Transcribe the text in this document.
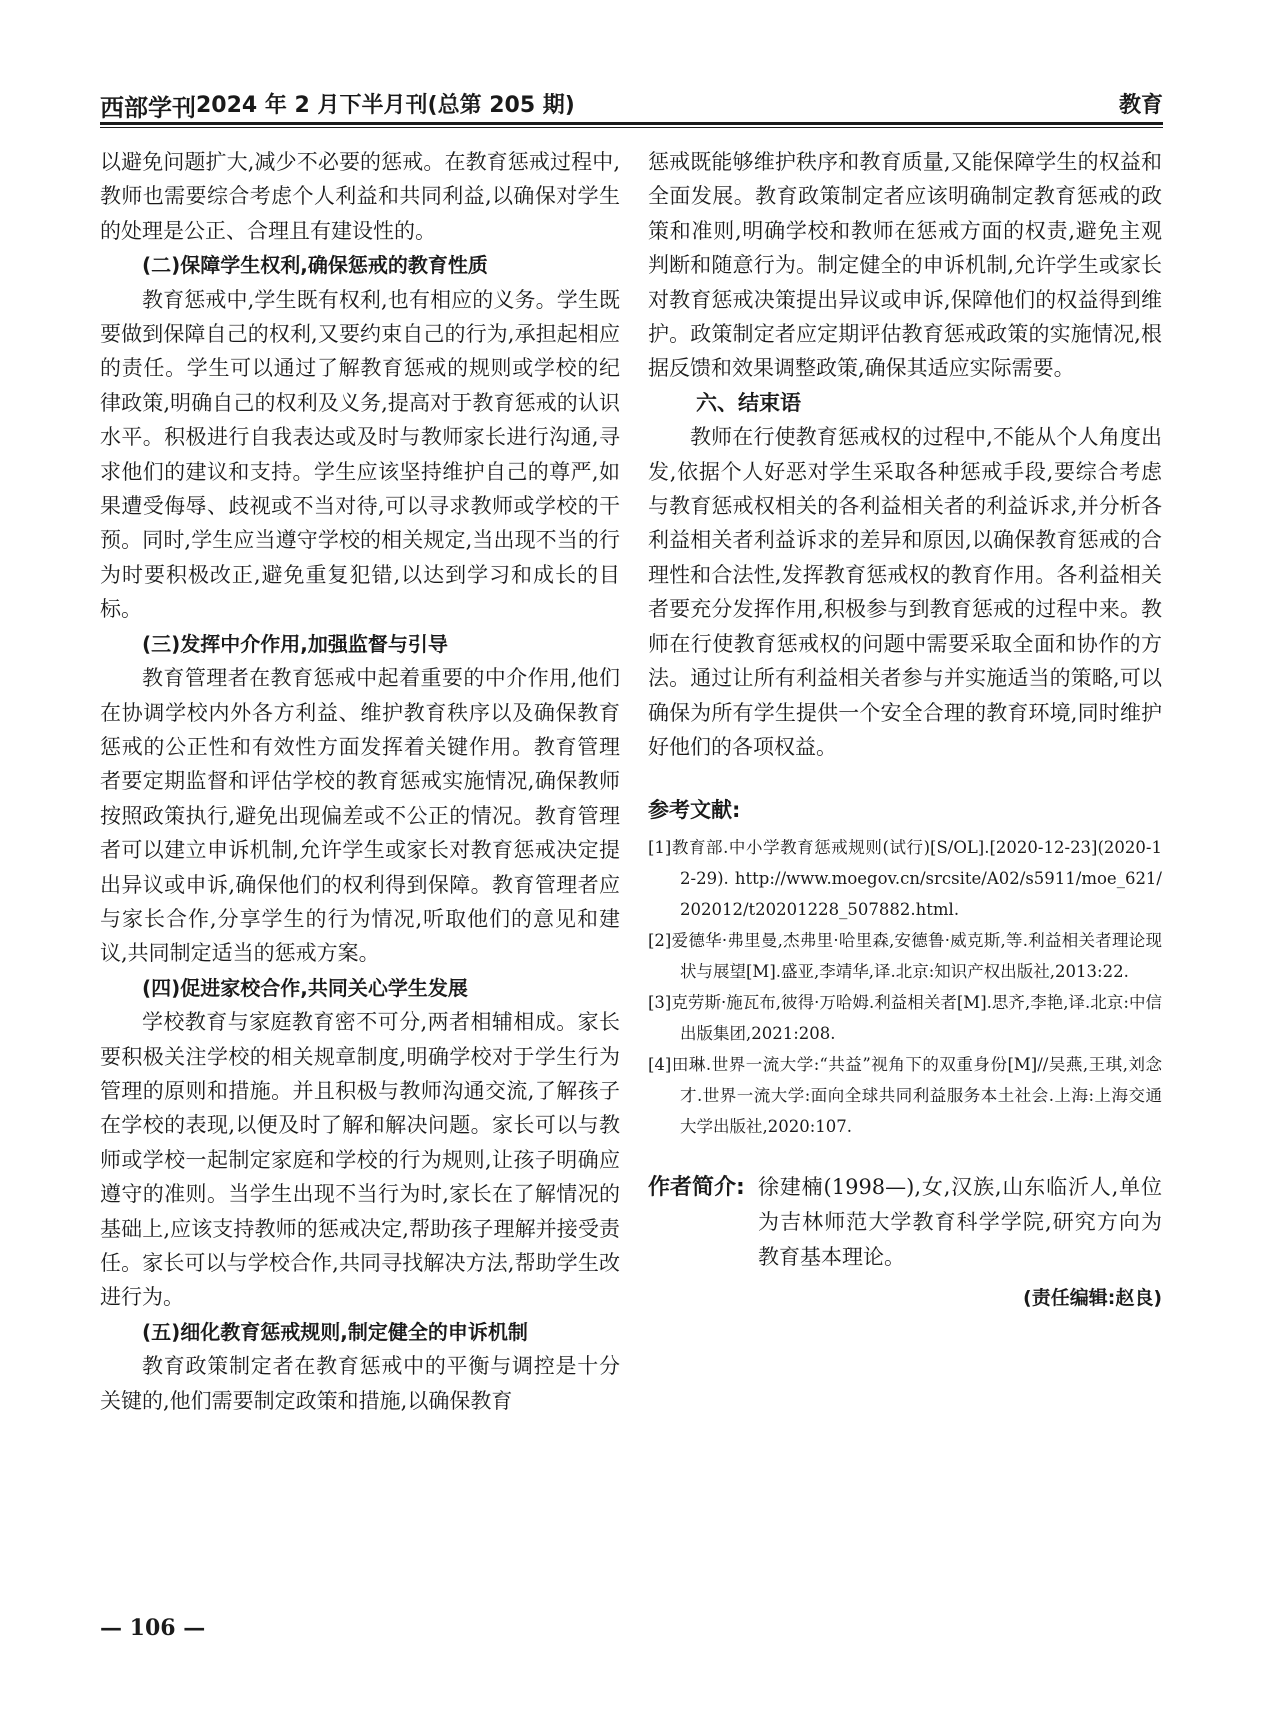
西部学刊 2024 年 2 月下半月刊(总第 205 期)	教育

以避免问题扩大,减少不必要的惩戒。在教育惩戒过程中,教师也需要综合考虑个人利益和共同利益,以确保对学生的处理是公正、合理且有建设性的。

(二)保障学生权利,确保惩戒的教育性质

教育惩戒中,学生既有权利,也有相应的义务。学生既要做到保障自己的权利,又要约束自己的行为,承担起相应的责任。学生可以通过了解教育惩戒的规则或学校的纪律政策,明确自己的权利及义务,提高对于教育惩戒的认识水平。积极进行自我表达或及时与教师家长进行沟通,寻求他们的建议和支持。学生应该坚持维护自己的尊严,如果遭受侮辱、歧视或不当对待,可以寻求教师或学校的干预。同时,学生应当遵守学校的相关规定,当出现不当的行为时要积极改正,避免重复犯错,以达到学习和成长的目标。

(三)发挥中介作用,加强监督与引导

教育管理者在教育惩戒中起着重要的中介作用,他们在协调学校内外各方利益、维护教育秩序以及确保教育惩戒的公正性和有效性方面发挥着关键作用。教育管理者要定期监督和评估学校的教育惩戒实施情况,确保教师按照政策执行,避免出现偏差或不公正的情况。教育管理者可以建立申诉机制,允许学生或家长对教育惩戒决定提出异议或申诉,确保他们的权利得到保障。教育管理者应与家长合作,分享学生的行为情况,听取他们的意见和建议,共同制定适当的惩戒方案。

(四)促进家校合作,共同关心学生发展

学校教育与家庭教育密不可分,两者相辅相成。家长要积极关注学校的相关规章制度,明确学校对于学生行为管理的原则和措施。并且积极与教师沟通交流,了解孩子在学校的表现,以便及时了解和解决问题。家长可以与教师或学校一起制定家庭和学校的行为规则,让孩子明确应遵守的准则。当学生出现不当行为时,家长在了解情况的基础上,应该支持教师的惩戒决定,帮助孩子理解并接受责任。家长可以与学校合作,共同寻找解决方法,帮助学生改进行为。

(五)细化教育惩戒规则,制定健全的申诉机制

教育政策制定者在教育惩戒中的平衡与调控是十分关键的,他们需要制定政策和措施,以确保教育

惩戒既能够维护秩序和教育质量,又能保障学生的权益和全面发展。教育政策制定者应该明确制定教育惩戒的政策和准则,明确学校和教师在惩戒方面的权责,避免主观判断和随意行为。制定健全的申诉机制,允许学生或家长对教育惩戒决策提出异议或申诉,保障他们的权益得到维护。政策制定者应定期评估教育惩戒政策的实施情况,根据反馈和效果调整政策,确保其适应实际需要。

六、结束语

教师在行使教育惩戒权的过程中,不能从个人角度出发,依据个人好恶对学生采取各种惩戒手段,要综合考虑与教育惩戒权相关的各利益相关者的利益诉求,并分析各利益相关者利益诉求的差异和原因,以确保教育惩戒的合理性和合法性,发挥教育惩戒权的教育作用。各利益相关者要充分发挥作用,积极参与到教育惩戒的过程中来。教师在行使教育惩戒权的问题中需要采取全面和协作的方法。通过让所有利益相关者参与并实施适当的策略,可以确保为所有学生提供一个安全合理的教育环境,同时维护好他们的各项权益。

参考文献:

[1]教育部.中小学教育惩戒规则(试行)[S/OL].[2020-12-23](2020-12-29). http://www.moegov.cn/srcsite/A02/s5911/moe_621/202012/t20201228_507882.html.

[2]爱德华·弗里曼,杰弗里·哈里森,安德鲁·威克斯,等.利益相关者理论现状与展望[M].盛亚,李靖华,译.北京:知识产权出版社,2013:22.

[3]克劳斯·施瓦布,彼得·万哈姆.利益相关者[M].思齐,李艳,译.北京:中信出版集团,2021:208.

[4]田琳.世界一流大学:“共益”视角下的双重身份[M]//吴燕,王琪,刘念才.世界一流大学:面向全球共同利益服务本土社会.上海:上海交通大学出版社,2020:107.

作者简介: 徐建楠(1998—),女,汉族,山东临沂人,单位为吉林师范大学教育科学学院,研究方向为教育基本理论。
(责任编辑:赵良)
— 106 —
